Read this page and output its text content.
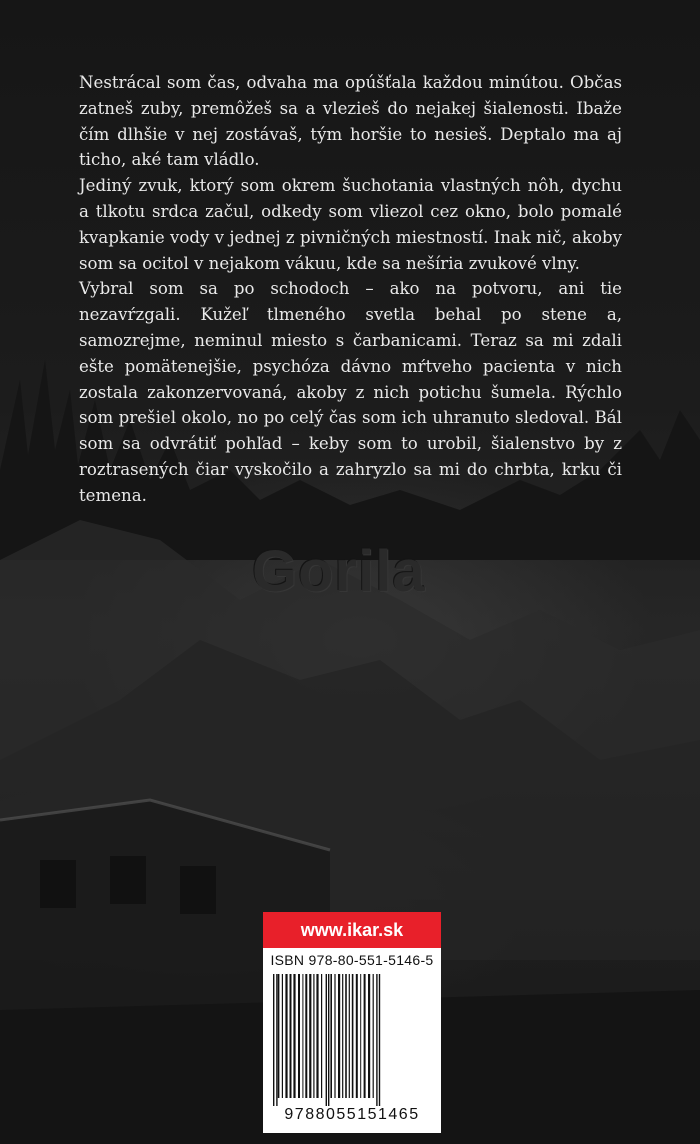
Gorila

Nestrácal som čas, odvaha ma opúšťala každou minútou. Občas zatneš zuby, premôžeš sa a vlezieš do nejakej šialenosti. Ibaže čím dlhšie v nej zostávaš, tým horšie to nesieš. Deptalo ma aj ticho, aké tam vládlo.

Jediný zvuk, ktorý som okrem šuchotania vlastných nôh, dychu a tlkotu srdca začul, odkedy som vliezol cez okno, bolo pomalé kvapkanie vody v jednej z pivničných miestností. Inak nič, akoby som sa ocitol v nejakom vákuu, kde sa nešíria zvukové vlny.

Vybral som sa po schodoch – ako na potvoru, ani tie nezavŕzgali. Kužeľ tlmeného svetla behal po stene a, samozrejme, neminul miesto s čarbanicami. Teraz sa mi zdali ešte pomätenejšie, psychóza dávno mŕtveho pacienta v nich zostala zakonzervovaná, akoby z nich potichu šumela. Rýchlo som prešiel okolo, no po celý čas som ich uhranuto sledoval. Bál som sa odvrátiť pohľad – keby som to urobil, šialenstvo by z roztrasených čiar vyskočilo a zahryzlo sa mi do chrbta, krku či temena.

www.ikar.sk
ISBN 978-80-551-5146-5
9788055151465
